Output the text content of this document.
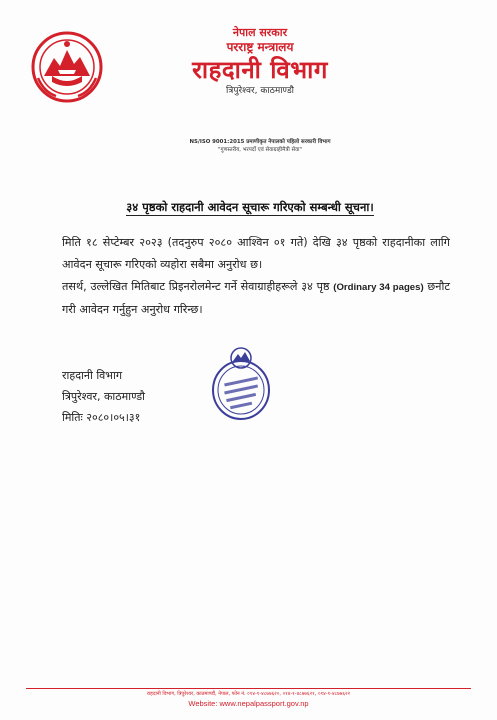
नेपाल सरकार
परराष्ट्र मन्त्रालय
राहदानी विभाग
त्रिपुरेश्वर, काठमाण्डौ
NS/ISO 9001:2015 प्रमाणीकृत नेपालको पहिलो सरकारी विभाग
"गुणस्तरीय, भरपर्दो एवं सेवाग्राहीमैत्री सेवा"
३४ पृष्ठको राहदानी आवेदन सूचारू गरिएको सम्बन्धी सूचना।

मिति १८ सेप्टेम्बर २०२३ (तदनुरुप २०८० आश्विन ०१ गते) देखि ३४ पृष्ठको राहदानीका लागि आवेदन सूचारू गरिएको व्यहोरा सबैमा अनुरोध छ।

तसर्थ, उल्लेखित मितिबाट प्रिइनरोलमेन्ट गर्ने सेवाग्राहीहरूले ३४ पृष्ठ (Ordinary 34 pages) छनौट गरी आवेदन गर्नुहुन अनुरोध गरिन्छ।

राहदानी विभाग
त्रिपुरेश्वर, काठमाण्डौ
मितिः २०८०।०५।३१
राहदानी विभाग, त्रिपुरेश्वर, काठमाण्डौं, नेपाल, फोन नं. ०१४-१-४८७७६२०, ०१४-१-४८७७६२१, ०१४-१-४८७७६२२
Website: www.nepalpassport.gov.np
